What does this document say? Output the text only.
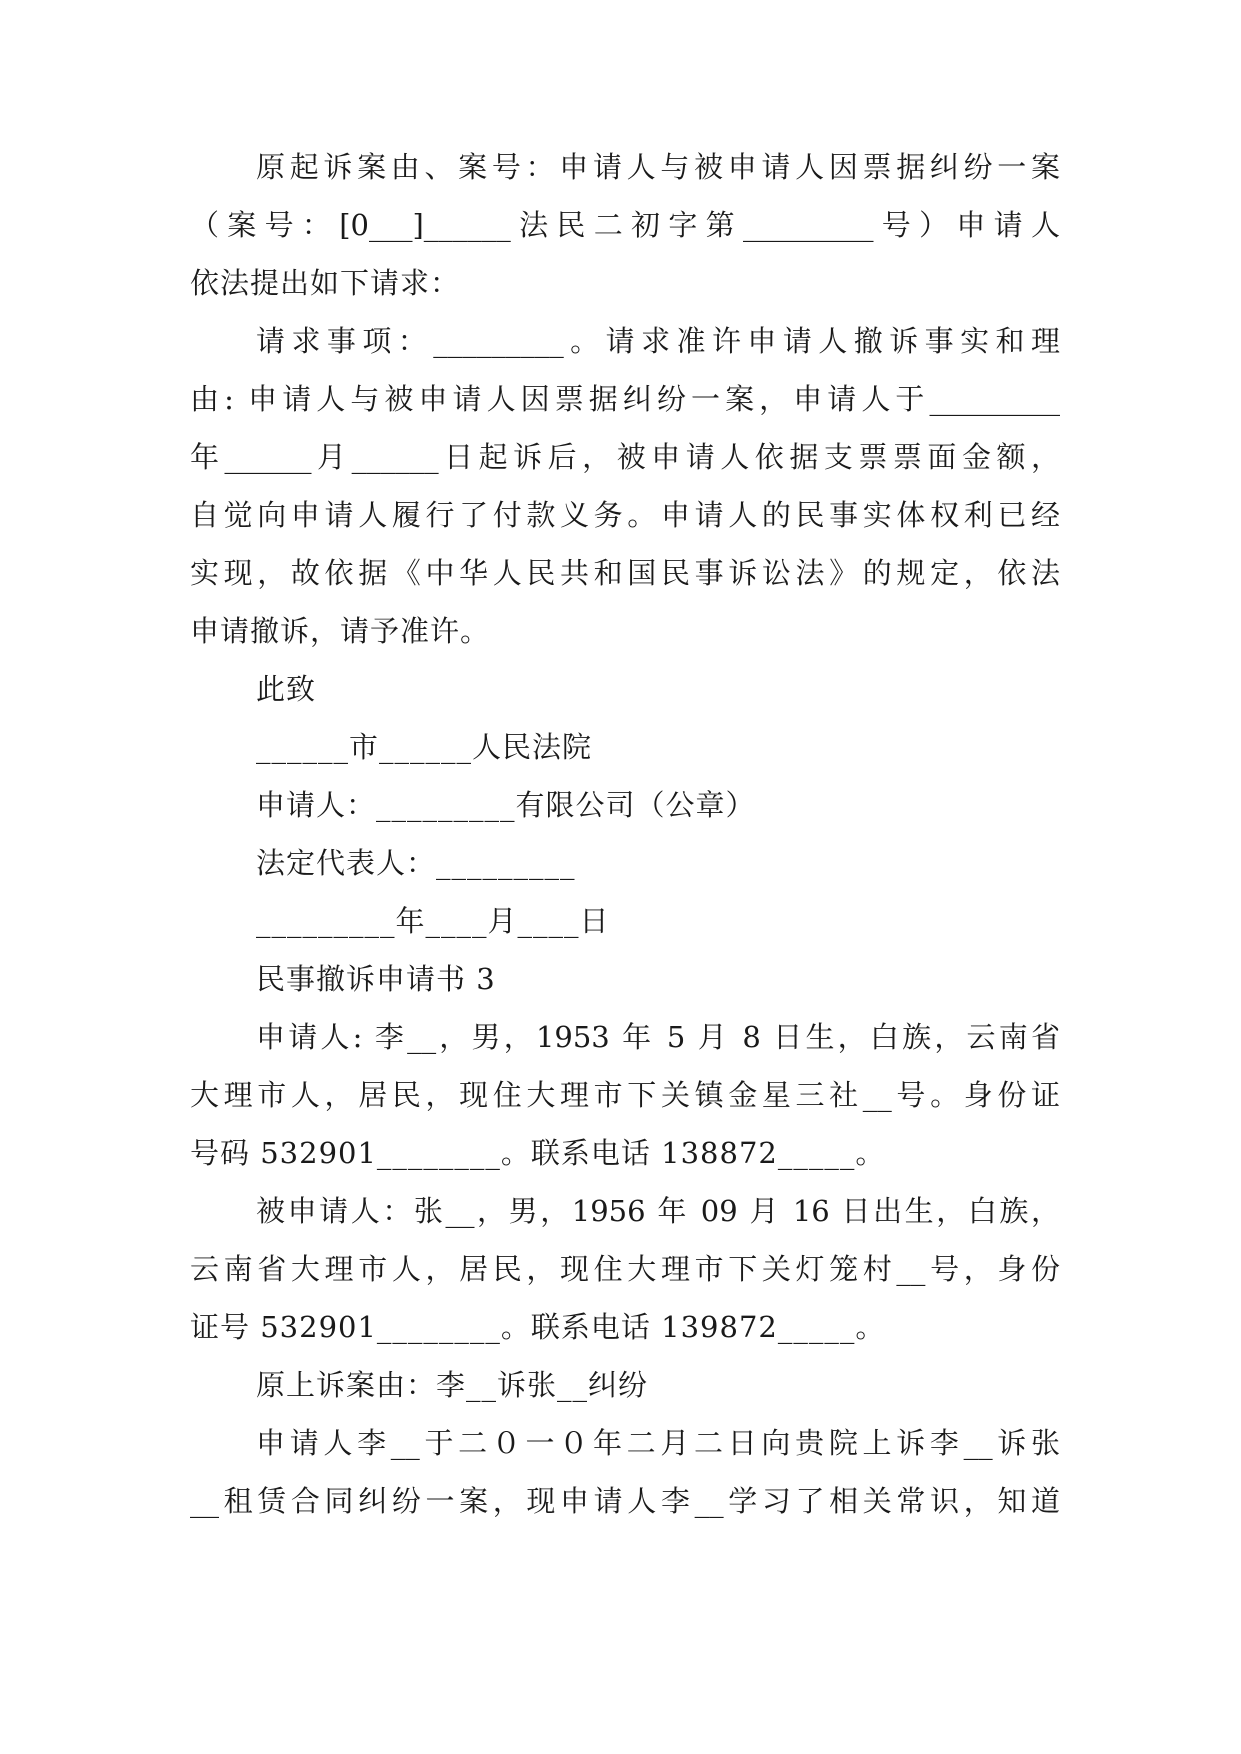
原起诉案由、案号：申请人与被申请人因票据纠纷一案
（案号：[0___]______法民二初字第_________号）申请人
依法提出如下请求：
请求事项：_________。请求准许申请人撤诉事实和理
由: 申请人与被申请人因票据纠纷一案，申请人于_________
年______月______日起诉后，被申请人依据支票票面金额，
自觉向申请人履行了付款义务。申请人的民事实体权利已经
实现，故依据《中华人民共和国民事诉讼法》的规定，依法
申请撤诉，请予准许。
此致
______市______人民法院
申请人：_________有限公司（公章）
法定代表人：_________
_________年____月____日
民事撤诉申请书 3
申请人: 李__，男，1953 年 5 月 8 日生，白族，云南省
大理市人，居民，现住大理市下关镇金星三社__号。身份证
号码 532901________。联系电话 138872_____。
被申请人：张__，男，1956 年 09 月 16 日出生，白族，
云南省大理市人，居民，现住大理市下关灯笼村__号，身份
证号 532901________。联系电话 139872_____。
原上诉案由：李__诉张__纠纷
申请人李__于二０一０年二月二日向贵院上诉李__诉张
__租赁合同纠纷一案，现申请人李__学习了相关常识，知道
